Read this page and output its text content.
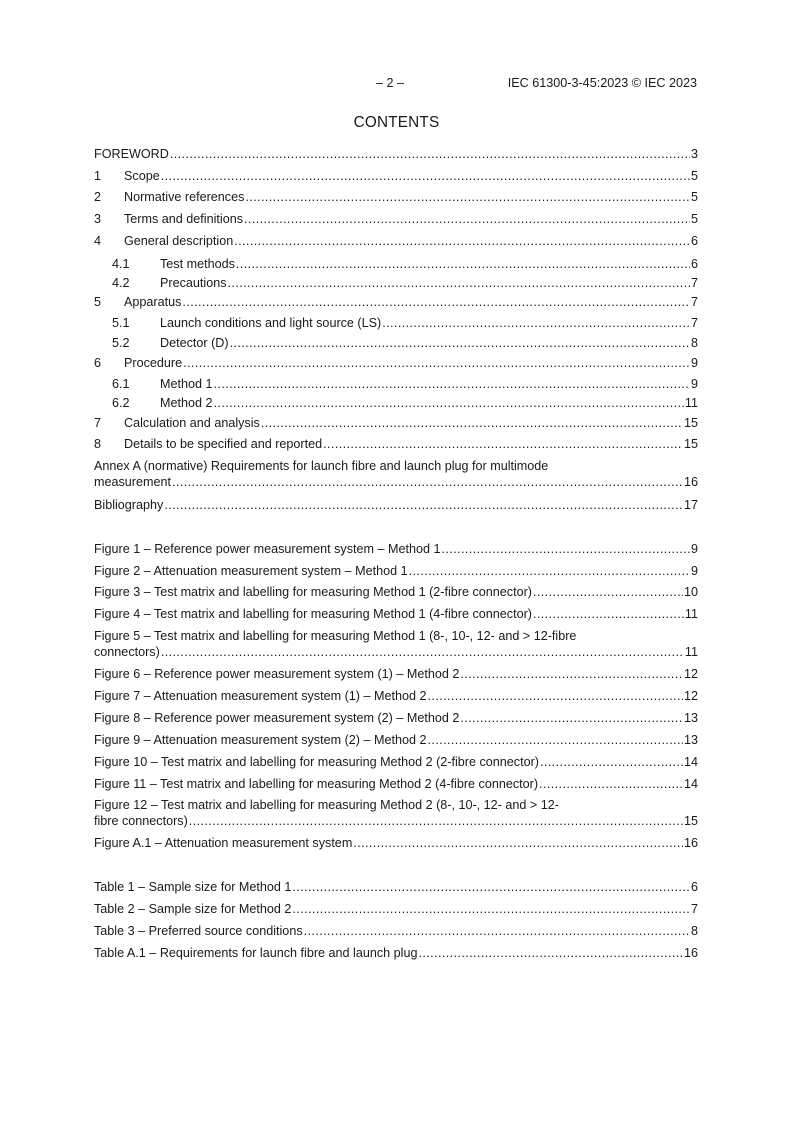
– 2 –	IEC 61300-3-45:2023 © IEC 2023
CONTENTS
FOREWORD .....	3
1	Scope .....	5
2	Normative references .....	5
3	Terms and definitions .....	5
4	General description .....	6
4.1	Test methods .....	6
4.2	Precautions .....	7
5	Apparatus .....	7
5.1	Launch conditions and light source (LS) .....	7
5.2	Detector (D) .....	8
6	Procedure .....	9
6.1	Method 1 .....	9
6.2	Method 2 .....	11
7	Calculation and analysis .....	15
8	Details to be specified and reported .....	15
Annex A (normative) Requirements for launch fibre and launch plug for multimode
measurement .....	16
Bibliography .....	17
Figure 1 – Reference power measurement system – Method 1 .....	9
Figure 2 – Attenuation measurement system – Method 1 .....	9
Figure 3 – Test matrix and labelling for measuring Method 1 (2-fibre connector) .....	10
Figure 4 – Test matrix and labelling for measuring Method 1 (4-fibre connector) .....	11
Figure 5 – Test matrix and labelling for measuring Method 1 (8-, 10-, 12- and > 12-fibre
connectors) .....	11
Figure 6 – Reference power measurement system (1) – Method 2 .....	12
Figure 7 – Attenuation measurement system (1) – Method 2 .....	12
Figure 8 – Reference power measurement system (2) – Method 2 .....	13
Figure 9 – Attenuation measurement system (2) – Method 2 .....	13
Figure 10 – Test matrix and labelling for measuring Method 2 (2-fibre connector) .....	14
Figure 11 – Test matrix and labelling for measuring Method 2 (4-fibre connector) .....	14
Figure 12 – Test matrix and labelling for measuring Method 2 (8-, 10-, 12- and > 12-
fibre connectors) .....	15
Figure A.1 – Attenuation measurement system .....	16
Table 1 – Sample size for Method 1 .....	6
Table 2 – Sample size for Method 2 .....	7
Table 3 – Preferred source conditions .....	8
Table A.1 – Requirements for launch fibre and launch plug .....	16
